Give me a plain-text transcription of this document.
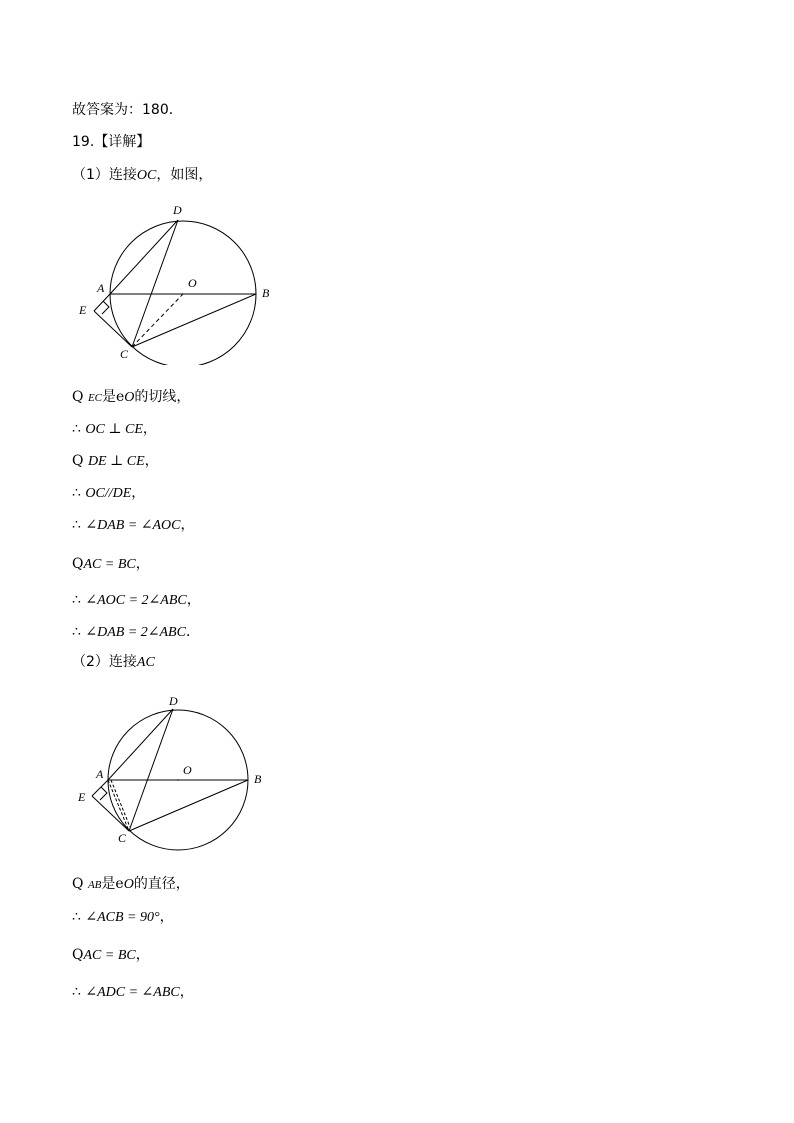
故答案为：180．
19.【详解】
（1）连接OC，如图，
D
A	O
B
E
C
Q EC是eO的切线，
∴ OC ⊥ CE，
Q DE ⊥ CE，
∴ OC//DE，
∴ ∠DAB = ∠AOC，
QAC = BC，
∴ ∠AOC = 2∠ABC，
∴ ∠DAB = 2∠ABC．
（2）连接AC
D
A	O
B
E
C
Q AB是eO的直径，
∴ ∠ACB = 90°，
QAC = BC，
∴ ∠ADC = ∠ABC，
